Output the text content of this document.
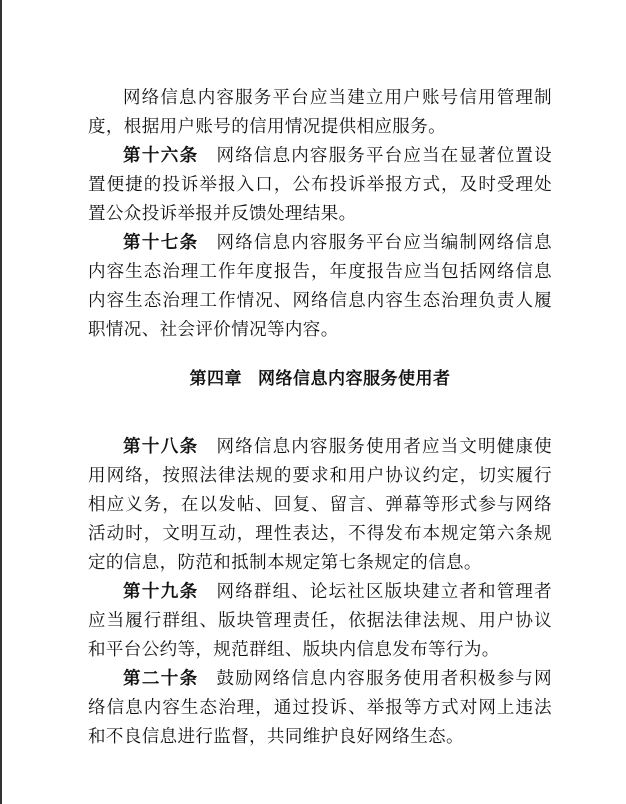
网络信息内容服务平台应当建立用户账号信用管理制度，根据用户账号的信用情况提供相应服务。

第十六条 网络信息内容服务平台应当在显著位置设置便捷的投诉举报入口，公布投诉举报方式，及时受理处置公众投诉举报并反馈处理结果。

第十七条 网络信息内容服务平台应当编制网络信息内容生态治理工作年度报告，年度报告应当包括网络信息内容生态治理工作情况、网络信息内容生态治理负责人履职情况、社会评价情况等内容。

第四章 网络信息内容服务使用者

第十八条 网络信息内容服务使用者应当文明健康使用网络，按照法律法规的要求和用户协议约定，切实履行相应义务，在以发帖、回复、留言、弹幕等形式参与网络活动时，文明互动，理性表达，不得发布本规定第六条规定的信息，防范和抵制本规定第七条规定的信息。

第十九条 网络群组、论坛社区版块建立者和管理者应当履行群组、版块管理责任，依据法律法规、用户协议和平台公约等，规范群组、版块内信息发布等行为。

第二十条 鼓励网络信息内容服务使用者积极参与网络信息内容生态治理，通过投诉、举报等方式对网上违法和不良信息进行监督，共同维护良好网络生态。
